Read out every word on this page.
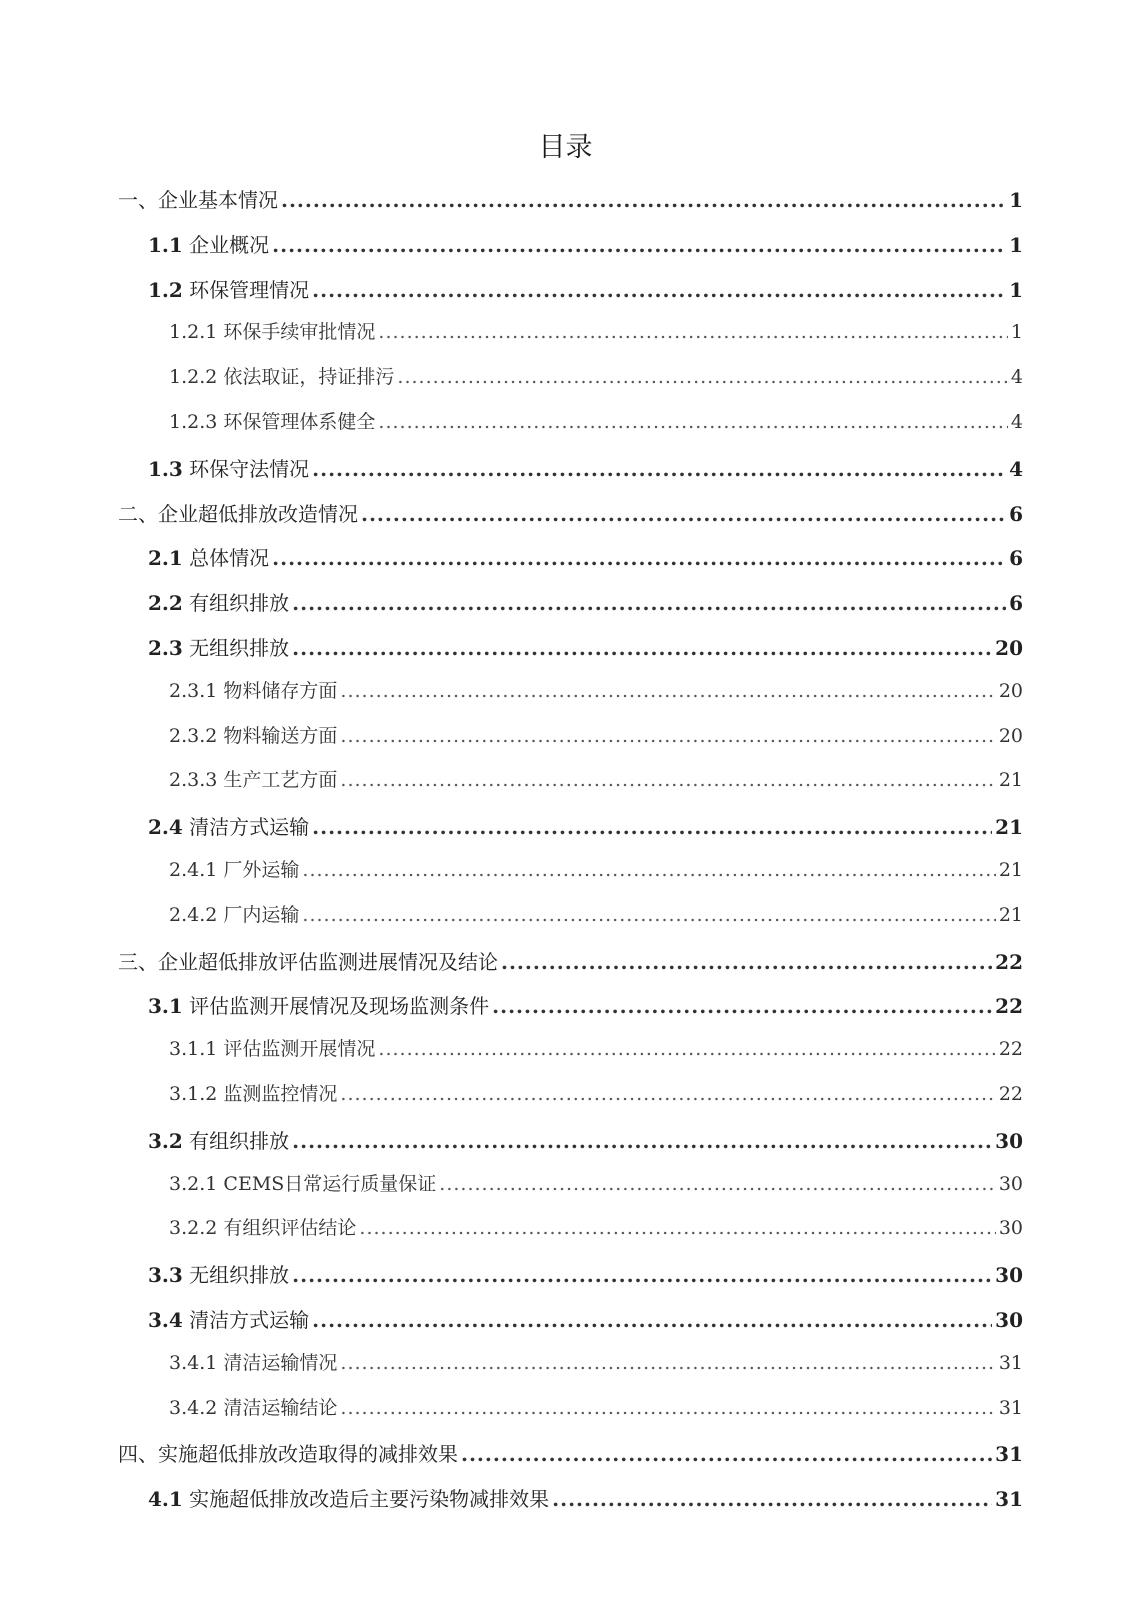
目录
一、企业基本情况 .....	1
1.1 企业概况 .....	1
1.2 环保管理情况 .....	1
1.2.1 环保手续审批情况 .....	1
1.2.2 依法取证，持证排污 .....	4
1.2.3 环保管理体系健全 .....	4
1.3 环保守法情况 .....	4
二、企业超低排放改造情况 .....	6
2.1 总体情况 .....	6
2.2 有组织排放 .....	6
2.3 无组织排放 .....	20
2.3.1 物料储存方面 .....	20
2.3.2 物料输送方面 .....	20
2.3.3 生产工艺方面 .....	21
2.4 清洁方式运输 .....	21
2.4.1 厂外运输 .....	21
2.4.2 厂内运输 .....	21
三、企业超低排放评估监测进展情况及结论 .....	22
3.1 评估监测开展情况及现场监测条件 .....	22
3.1.1 评估监测开展情况 .....	22
3.1.2 监测监控情况 .....	22
3.2 有组织排放 .....	30
3.2.1 CEMS日常运行质量保证 .....	30
3.2.2 有组织评估结论 .....	30
3.3 无组织排放 .....	30
3.4 清洁方式运输 .....	30
3.4.1 清洁运输情况 .....	31
3.4.2 清洁运输结论 .....	31
四、实施超低排放改造取得的减排效果 .....	31
4.1 实施超低排放改造后主要污染物减排效果 .....	31
